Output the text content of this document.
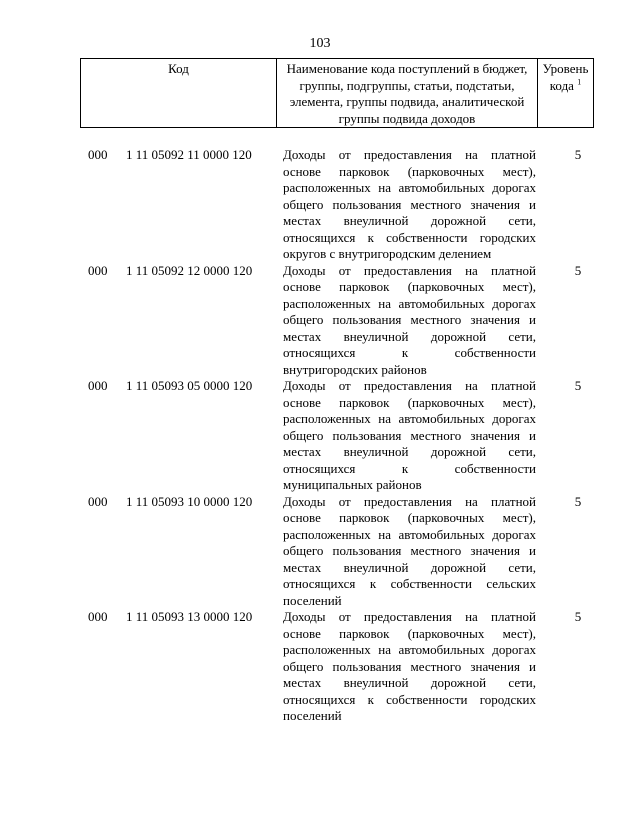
103
Код	Наименование кода поступлений в бюджет, группы, подгруппы, статьи, подстатьи, элемента, группы подвида, аналитической группы подвида доходов
Уровень кода $^1$
000 1 11 05092 11 0000 120 Доходы от предоставления на платной основе парковок (парковочных мест), расположенных на автомобильных дорогах общего пользования местного значения и местах внеуличной дорожной сети, относящихся к собственности городских округов с внутригородским делением
5
000 1 11 05092 12 0000 120 Доходы от предоставления на платной основе парковок (парковочных мест), расположенных на автомобильных дорогах общего пользования местного значения и местах внеуличной дорожной сети, относящихся к собственности внутригородских районов
5
000 1 11 05093 05 0000 120 Доходы от предоставления на платной основе парковок (парковочных мест), расположенных на автомобильных дорогах общего пользования местного значения и местах внеуличной дорожной сети, относящихся к собственности муниципальных районов
5
000 1 11 05093 10 0000 120 Доходы от предоставления на платной основе парковок (парковочных мест), расположенных на автомобильных дорогах общего пользования местного значения и местах внеуличной дорожной сети, относящихся к собственности сельских поселений
5
000 1 11 05093 13 0000 120 Доходы от предоставления на платной основе парковок (парковочных мест), расположенных на автомобильных дорогах общего пользования местного значения и местах внеуличной дорожной сети, относящихся к собственности городских поселений
5
